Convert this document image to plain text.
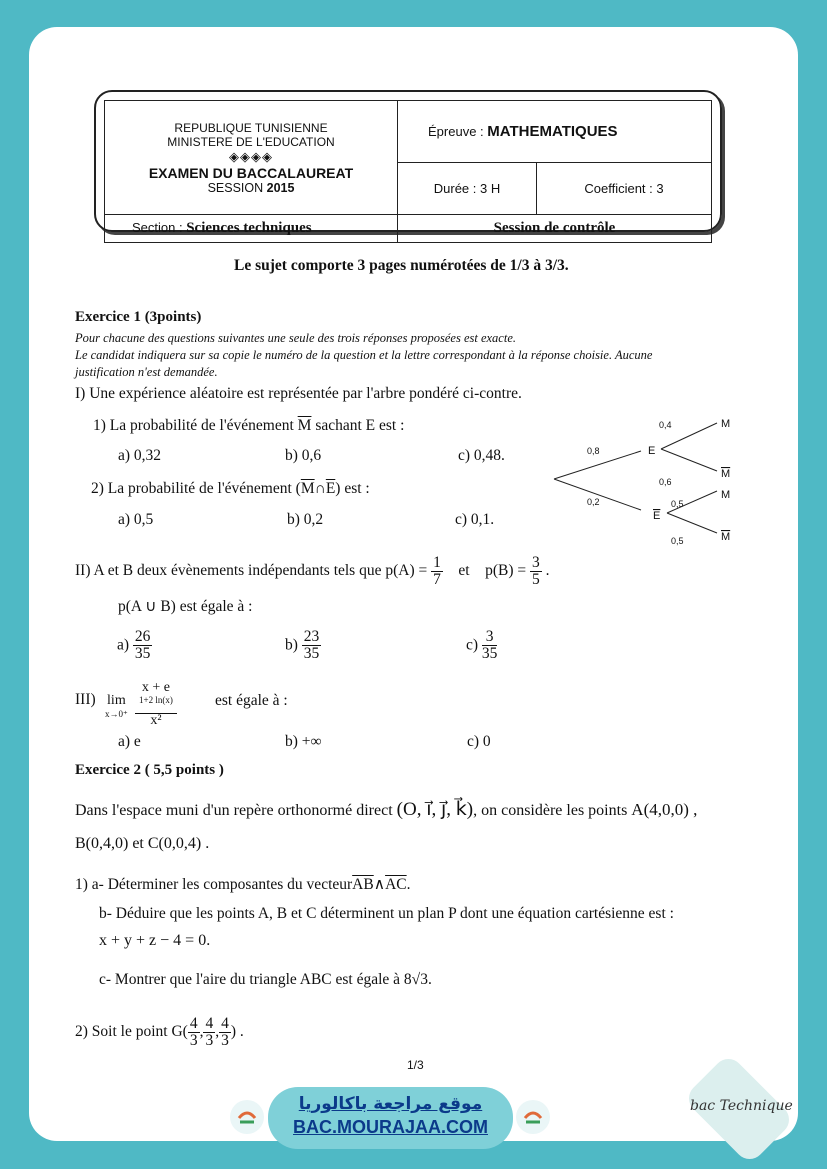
REPUBLIQUE TUNISIENNE
MINISTERE DE L'EDUCATION
◈◈◈◈
EXAMEN DU BACCALAUREAT
SESSION 2015	Épreuve : MATHEMATIQUES	
	Durée : 3 H	Coefficient : 3
Section : Sciences techniques	Session de contrôle	
Le sujet comporte 3 pages numérotées de 1/3 à 3/3.
Exercice 1 (3points)
Pour chacune des questions suivantes une seule des trois réponses proposées est exacte.
Le candidat indiquera sur sa copie le numéro de la question et la lettre correspondant à la réponse choisie. Aucune
justification n'est demandée.
I) Une expérience aléatoire est représentée par l'arbre pondéré ci-contre.
1) La probabilité de l'événement $\overline{M}$ sachant E est :
a) 0,32	b) 0,6	c) 0,48.
2) La probabilité de l'événement $(\overline{M}\cap\overline{E})$ est :
a) 0,5	b) 0,2	c) 0,1.
0,8
0,2
0,4
0,6
0,5
0,5
E
E
M
M
M
M
II) A et B deux évènements indépendants tels que $p(A) = \frac{1}{7}$ et $p(B) = \frac{3}{5}$ .
p(A ∪ B) est égale à :
$a) \frac{26}{35}$	$b) \frac{23}{35}$	$c) \frac{3}{35}$
III) lim
x→0⁺ x + e
$^{1+2 ln(x)}$
x² est égale à :
a) e	b) +∞	c) 0
Exercice 2 ( 5,5 points )
Dans l'espace muni d'un repère orthonormé direct (O, i⃗, j⃗, k⃗), on considère les points A(4,0,0) ,
B(0,4,0) et C(0,0,4) .
1) a- Déterminer les composantes du $vecteur\overline{AB}\wedge\overline{AC}$.
b- Déduire que les points A, B et C déterminent un plan P dont une équation cartésienne est :
x + y + z − 4 = 0.
c- Montrer que l'aire du triangle ABC est égale à 8√3.
2) Soit le point $G( \frac{4}{3}$ , $\frac{4}{3}$ , $\frac{4}{3}$ ) .
1/3
موقع مراجعة باكالوريا
BAC.MOURAJAA.COM
bac Technique
